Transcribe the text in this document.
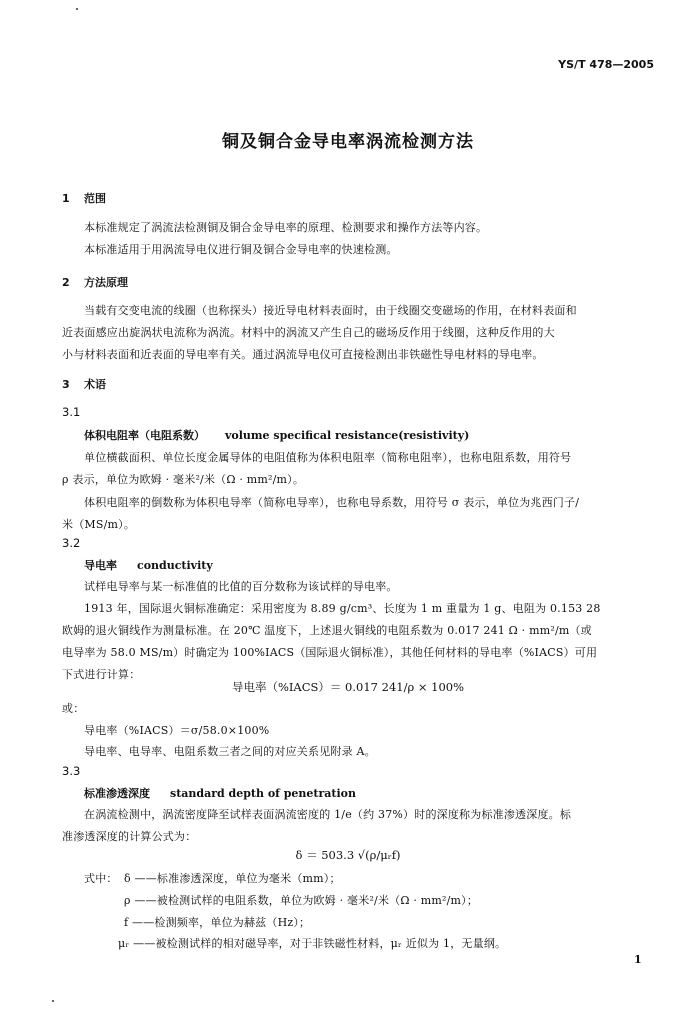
YS/T 478—2005
铜及铜合金导电率涡流检测方法
1 范围
本标准规定了涡流法检测铜及铜合金导电率的原理、检测要求和操作方法等内容。
本标准适用于用涡流导电仪进行铜及铜合金导电率的快速检测。
2 方法原理
当载有交变电流的线圈（也称探头）接近导电材料表面时，由于线圈交变磁场的作用，在材料表面和
近表面感应出旋涡状电流称为涡流。材料中的涡流又产生自己的磁场反作用于线圈，这种反作用的大
小与材料表面和近表面的导电率有关。通过涡流导电仪可直接检测出非铁磁性导电材料的导电率。
3 术语
3.1
体积电阻率（电阻系数） volume specifical resistance(resistivity)
单位横截面积、单位长度金属导体的电阻值称为体积电阻率（简称电阻率），也称电阻系数，用符号
ρ 表示，单位为欧姆 · 毫米²/米（Ω · mm²/m）。
体积电阻率的倒数称为体积电导率（简称电导率），也称电导系数，用符号 σ 表示，单位为兆西门子/
米（MS/m）。
3.2
导电率 conductivity
试样电导率与某一标准值的比值的百分数称为该试样的导电率。
1913 年，国际退火铜标准确定：采用密度为 8.89 g/cm³、长度为 1 m 重量为 1 g、电阻为 0.153 28
欧姆的退火铜线作为测量标准。在 20℃ 温度下，上述退火铜线的电阻系数为 0.017 241 Ω · mm²/m（或
电导率为 58.0 MS/m）时确定为 100%IACS（国际退火铜标准），其他任何材料的导电率（%IACS）可用
下式进行计算：
导电率（%IACS）＝ 0.017 241/ρ × 100%
或：
导电率（%IACS）＝σ/58.0×100%
导电率、电导率、电阻系数三者之间的对应关系见附录 A。
3.3
标准渗透深度 standard depth of penetration
在涡流检测中，涡流密度降至试样表面涡流密度的 1/e（约 37%）时的深度称为标准渗透深度。标
准渗透深度的计算公式为：
δ ＝ 503.3 √(ρ/μᵣf)
式中： δ ——标准渗透深度，单位为毫米（mm）；
ρ ——被检测试样的电阻系数，单位为欧姆 · 毫米²/米（Ω · mm²/m）；
f ——检测频率，单位为赫兹（Hz）；
μᵣ ——被检测试样的相对磁导率，对于非铁磁性材料，μᵣ 近似为 1，无量纲。
1
